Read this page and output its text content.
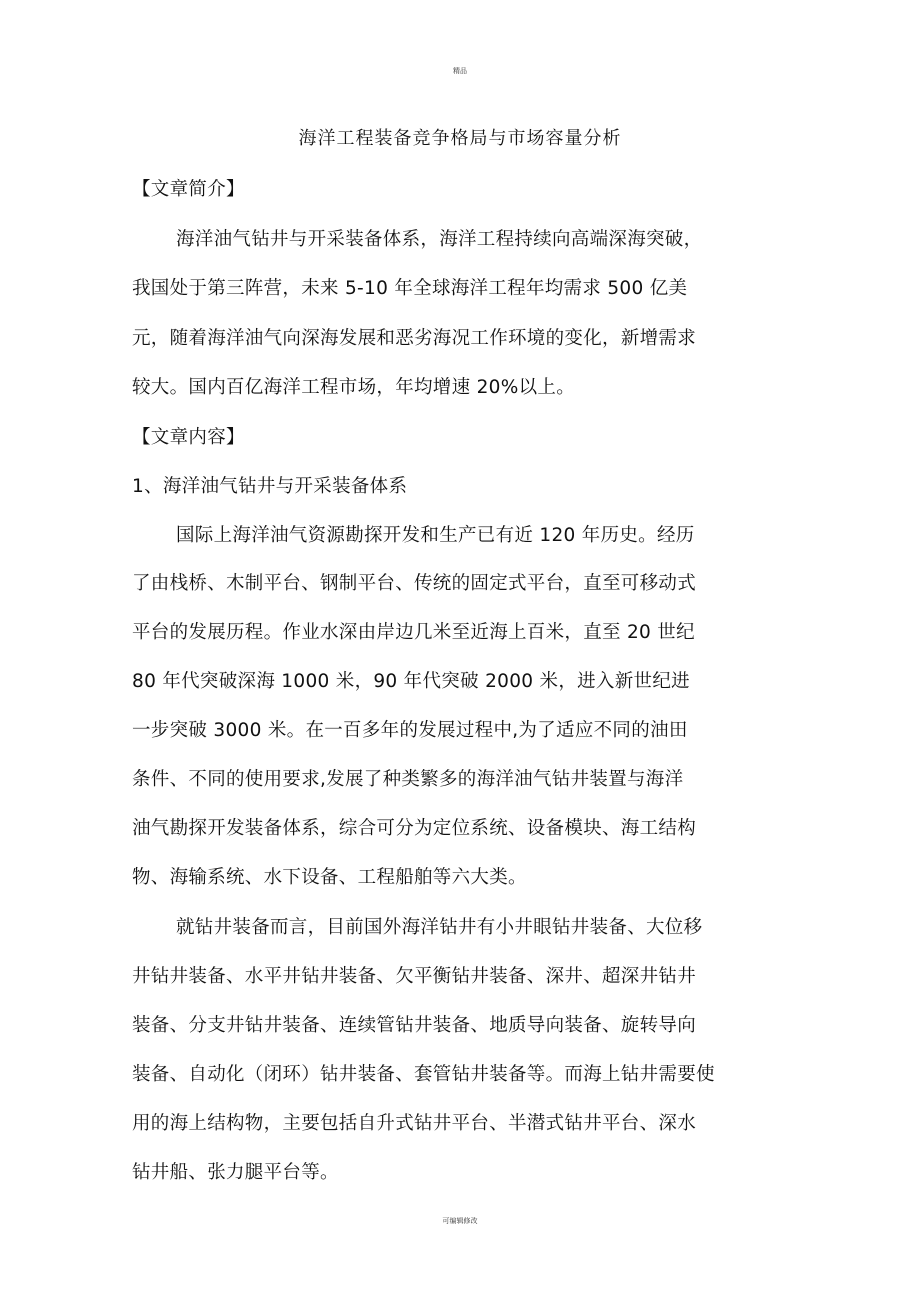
精品
海洋工程装备竞争格局与市场容量分析
【文章简介】
海洋油气钻井与开采装备体系，海洋工程持续向高端深海突破，
我国处于第三阵营，未来 5-10 年全球海洋工程年均需求 500 亿美
元，随着海洋油气向深海发展和恶劣海况工作环境的变化，新增需求
较大。国内百亿海洋工程市场，年均增速 20%以上。
【文章内容】
1、海洋油气钻井与开采装备体系
国际上海洋油气资源勘探开发和生产已有近 120 年历史。经历
了由栈桥、木制平台、钢制平台、传统的固定式平台，直至可移动式
平台的发展历程。作业水深由岸边几米至近海上百米，直至 20 世纪
80 年代突破深海 1000 米，90 年代突破 2000 米，进入新世纪进
一步突破 3000 米。在一百多年的发展过程中,为了适应不同的油田
条件、不同的使用要求,发展了种类繁多的海洋油气钻井装置与海洋
油气勘探开发装备体系，综合可分为定位系统、设备模块、海工结构
物、海输系统、水下设备、工程船舶等六大类。
就钻井装备而言，目前国外海洋钻井有小井眼钻井装备、大位移
井钻井装备、水平井钻井装备、欠平衡钻井装备、深井、超深井钻井
装备、分支井钻井装备、连续管钻井装备、地质导向装备、旋转导向
装备、自动化（闭环）钻井装备、套管钻井装备等。而海上钻井需要使
用的海上结构物，主要包括自升式钻井平台、半潜式钻井平台、深水
钻井船、张力腿平台等。
可编辑修改
